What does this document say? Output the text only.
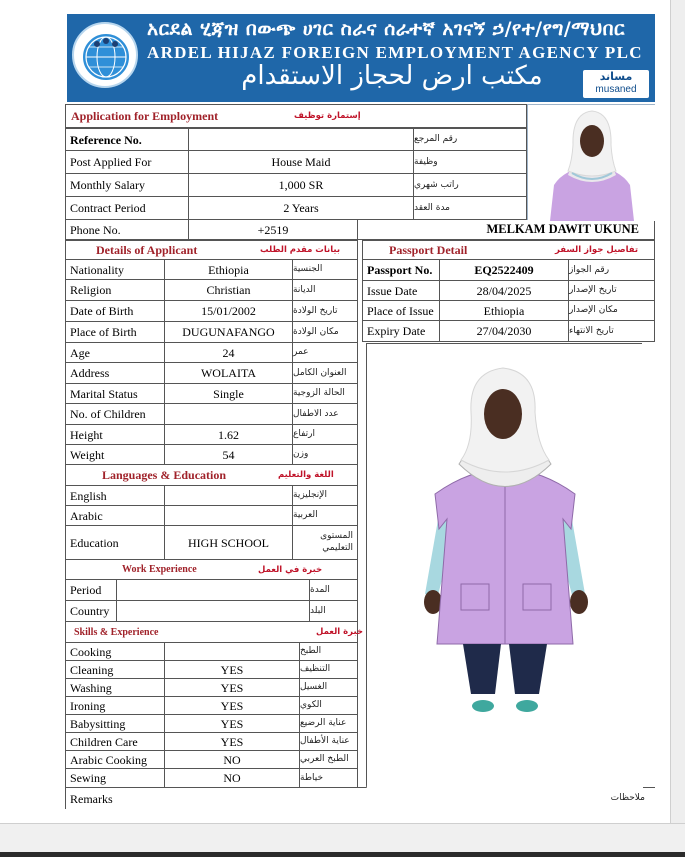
አርደል ሂጃዝ በውጭ ሀገር ስራና ሰራተኛ አገናኝ ኃ/የተ/የግ/ማህበር
ARDEL HIJAZ FOREIGN EMPLOYMENT AGENCY PLC
مكتب ارض لحجاز الاستقدام	مساند
musaned
Application for Employment	إستمارة توظيف
Reference No.	رقم المرجع
Post Applied For	House Maid	وظيفة
Monthly Salary	1,000 SR	راتب شهري
Contract Period	2 Years	مدة العقد
Phone No.	+2519	MELKAM DAWIT UKUNE
Details of Applicant	بيانات مقدم الطلب
Nationality	Ethiopia	الجنسية
Religion	Christian	الديانة
Date of Birth	15/01/2002	تاريخ الولادة
Place of Birth	DUGUNAFANGO	مكان الولادة
Age	24	عمر
Address	WOLAITA	العنوان الكامل
Marital Status	Single	الحالة الزوجية
No. of Children	عدد الاطفال
Height	1.62	ارتفاع
Weight	54	وزن
Languages & Education	اللغة والتعليم
English	الإنجليزية
Arabic	العربية
Education	HIGH SCHOOL	المستوى التعليمي
Work Experience	خبرة في العمل
Period	المدة
Country	البلد
Skills & Experience	خبرة العمل
Cooking	الطبخ
Cleaning	YES	التنظيف
Washing	YES	الغسيل
Ironing	YES	الكوي
Babysitting	YES	عناية الرضيع
Children Care	YES	عناية الأطفال
Arabic Cooking	NO	الطبخ العربي
Sewing	NO	خياطة
Remarks	ملاحظات
Passport Detail	تفاصيل جواز السفر
Passport No.	EQ2522409	رقم الجواز
Issue Date	28/04/2025	تاريخ الإصدار
Place of Issue	Ethiopia	مكان الإصدار
Expiry Date	27/04/2030	تاريخ الانتهاء
